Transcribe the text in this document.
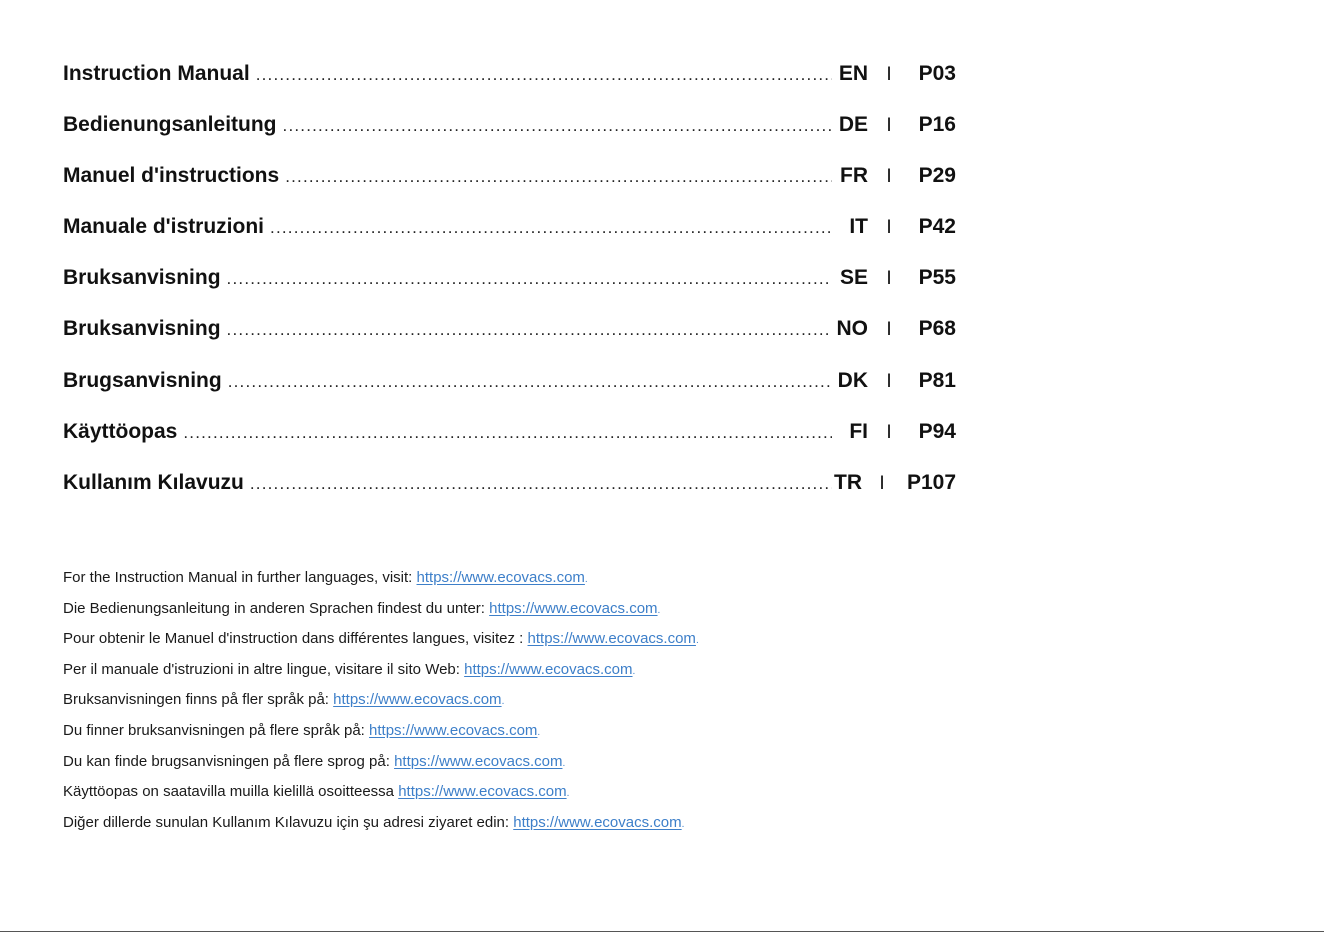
Instruction Manual .....	EN I	P03
Bedienungsanleitung .....	DE I	P16
Manuel d'instructions .....	FR I	P29
Manuale d'istruzioni .....	IT I	P42
Bruksanvisning .....	SE I	P55
Bruksanvisning .....	NO I	P68
Brugsanvisning .....	DK I	P81
Käyttöopas .....	FI I	P94
Kullanım Kılavuzu .....	TR I	P107
For the Instruction Manual in further languages, visit: https://www.ecovacs.com.
Die Bedienungsanleitung in anderen Sprachen findest du unter: https://www.ecovacs.com.
Pour obtenir le Manuel d'instruction dans différentes langues, visitez : https://www.ecovacs.com.
Per il manuale d'istruzioni in altre lingue, visitare il sito Web: https://www.ecovacs.com.
Bruksanvisningen finns på fler språk på: https://www.ecovacs.com.
Du finner bruksanvisningen på flere språk på: https://www.ecovacs.com.
Du kan finde brugsanvisningen på flere sprog på: https://www.ecovacs.com.
Käyttöopas on saatavilla muilla kielillä osoitteessa https://www.ecovacs.com.
Diğer dillerde sunulan Kullanım Kılavuzu için şu adresi ziyaret edin: https://www.ecovacs.com.
